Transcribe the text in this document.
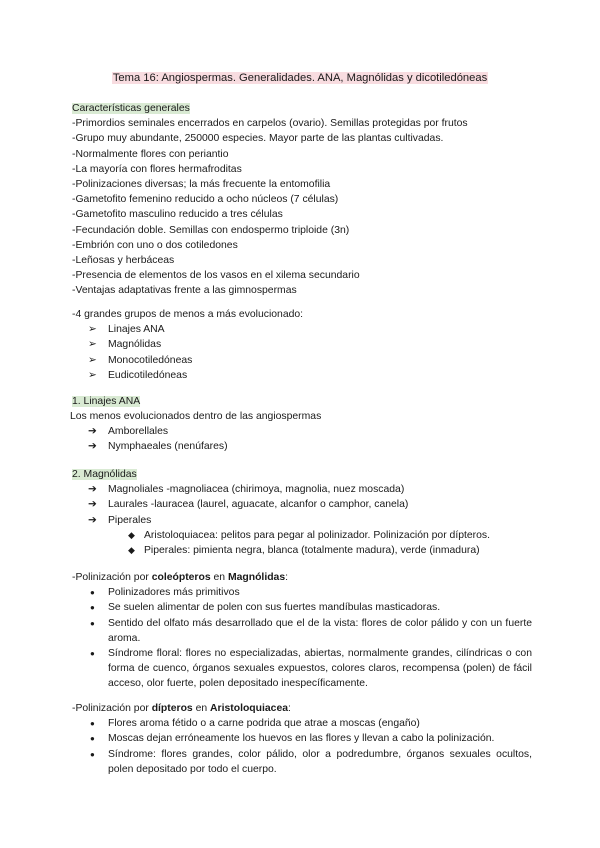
Tema 16: Angiospermas. Generalidades. ANA, Magnólidas y dicotiledóneas
Características generales
-Primordios seminales encerrados en carpelos (ovario). Semillas protegidas por frutos
-Grupo muy abundante, 250000 especies. Mayor parte de las plantas cultivadas.
-Normalmente flores con periantio
-La mayoría con flores hermafroditas
-Polinizaciones diversas; la más frecuente la entomofilia
-Gametofito femenino reducido a ocho núcleos (7 células)
-Gametofito masculino reducido a tres células
-Fecundación doble. Semillas con endospermo triploide (3n)
-Embrión con uno o dos cotiledones
-Leñosas y herbáceas
-Presencia de elementos de los vasos en el xilema secundario
-Ventajas adaptativas frente a las gimnospermas
-4 grandes grupos de menos a más evolucionado:
➢ Linajes ANA
➢ Magnólidas
➢ Monocotiledóneas
➢ Eudicotiledóneas
1. Linajes ANA
Los menos evolucionados dentro de las angiospermas
➔ Amborellales
➔ Nymphaeales (nenúfares)
2. Magnólidas
➔ Magnoliales -magnoliacea (chirimoya, magnolia, nuez moscada)
➔ Laurales -lauracea (laurel, aguacate, alcanfor o camphor, canela)
➔ Piperales
◆ Aristoloquiacea: pelitos para pegar al polinizador. Polinización por dípteros.
◆ Piperales: pimienta negra, blanca (totalmente madura), verde (inmadura)
-Polinización por coleópteros en Magnólidas:
● Polinizadores más primitivos
● Se suelen alimentar de polen con sus fuertes mandíbulas masticadoras.
● Sentido del olfato más desarrollado que el de la vista: flores de color pálido y con un fuerte aroma.
● Síndrome floral: flores no especializadas, abiertas, normalmente grandes, cilíndricas o con forma de cuenco, órganos sexuales expuestos, colores claros, recompensa (polen) de fácil acceso, olor fuerte, polen depositado inespecíficamente.
-Polinización por dípteros en Aristoloquiacea:
● Flores aroma fétido o a carne podrida que atrae a moscas (engaño)
● Moscas dejan erróneamente los huevos en las flores y llevan a cabo la polinización.
● Síndrome: flores grandes, color pálido, olor a podredumbre, órganos sexuales ocultos, polen depositado por todo el cuerpo.
